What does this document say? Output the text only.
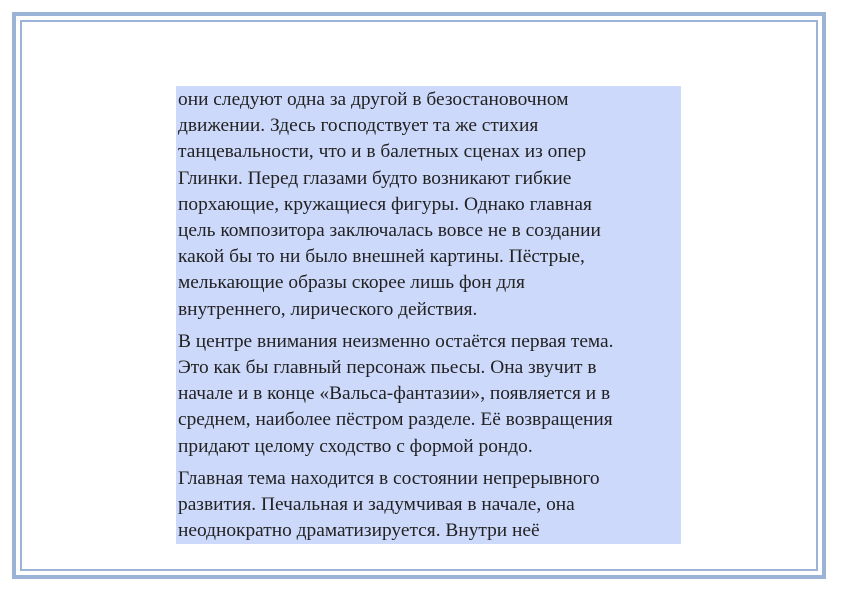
они следуют одна за другой в безостановочном
движении. Здесь господствует та же стихия
танцевальности, что и в балетных сценах из опер
Глинки. Перед глазами будто возникают гибкие
порхающие, кружащиеся фигуры. Однако главная
цель композитора заключалась вовсе не в создании
какой бы то ни было внешней картины. Пёстрые,
мелькающие образы скорее лишь фон для
внутреннего, лирического действия.

В центре внимания неизменно остаётся первая тема.
Это как бы главный персонаж пьесы. Она звучит в
начале и в конце «Вальса-фантазии», появляется и в
среднем, наиболее пёстром разделе. Её возвращения
придают целому сходство с формой рондо.

Главная тема находится в состоянии непрерывного
развития. Печальная и задумчивая в начале, она
неоднократно драматизируется. Внутри неё
